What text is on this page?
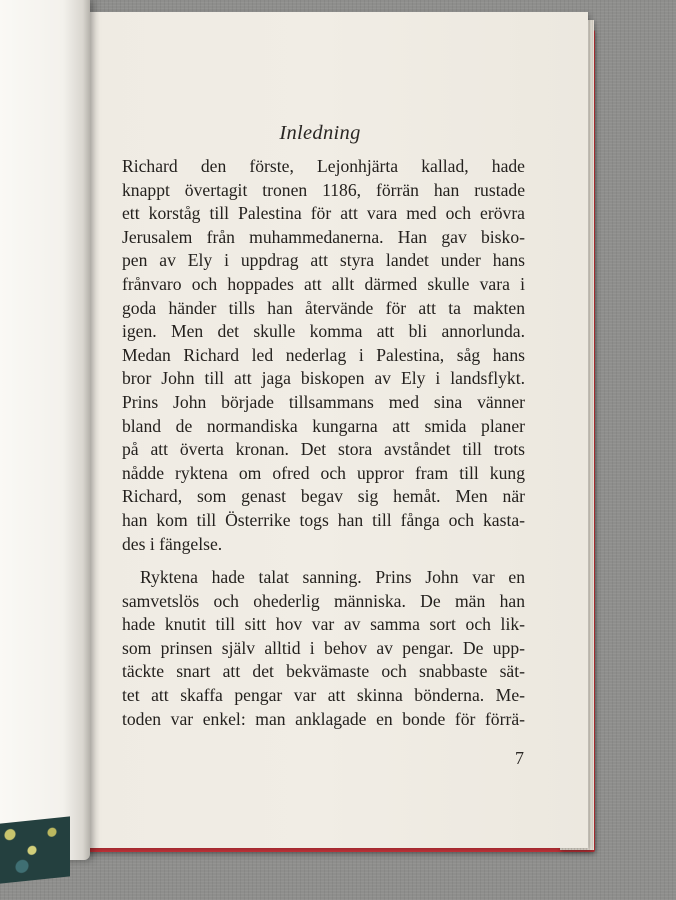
Inledning
Richard den förste, Lejonhjärta kallad, hade
knappt övertagit tronen 1186, förrän han rustade
ett korståg till Palestina för att vara med och erövra
Jerusalem från muhammedanerna. Han gav bisko-
pen av Ely i uppdrag att styra landet under hans
frånvaro och hoppades att allt därmed skulle vara i
goda händer tills han återvände för att ta makten
igen. Men det skulle komma att bli annorlunda.
Medan Richard led nederlag i Palestina, såg hans
bror John till att jaga biskopen av Ely i landsflykt.
Prins John började tillsammans med sina vänner
bland de normandiska kungarna att smida planer
på att överta kronan. Det stora avståndet till trots
nådde ryktena om ofred och uppror fram till kung
Richard, som genast begav sig hemåt. Men när
han kom till Österrike togs han till fånga och kasta-
des i fängelse.
Ryktena hade talat sanning. Prins John var en
samvetslös och ohederlig människa. De män han
hade knutit till sitt hov var av samma sort och lik-
som prinsen själv alltid i behov av pengar. De upp-
täckte snart att det bekvämaste och snabbaste sät-
tet att skaffa pengar var att skinna bönderna. Me-
toden var enkel: man anklagade en bonde för förrä-
7
